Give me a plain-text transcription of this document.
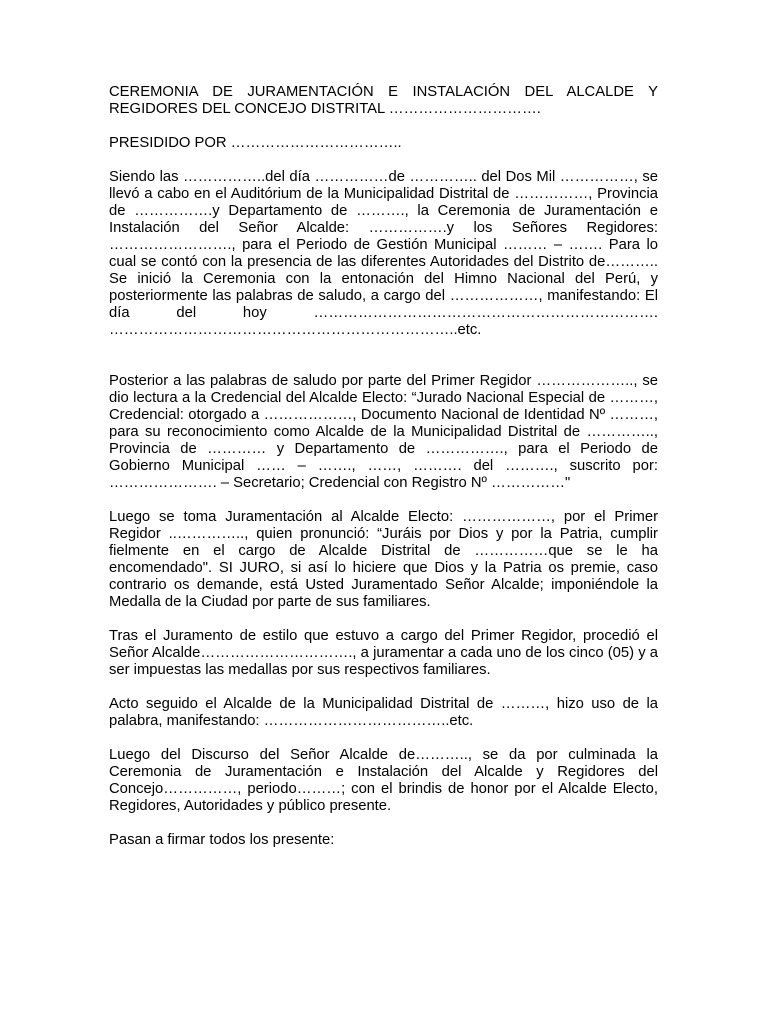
CEREMONIA DE JURAMENTACIÓN E INSTALACIÓN DEL ALCALDE Y REGIDORES DEL CONCEJO DISTRITAL ………………………….

PRESIDIDO POR ……………………………..

Siendo las ……………..del día ……………de ………….. del Dos Mil ……………, se llevó a cabo en el Auditórium de la Municipalidad Distrital de ……………, Provincia de …………….y Departamento de ………., la Ceremonia de Juramentación e Instalación del Señor Alcalde: …………….y los Señores Regidores: ……………………., para el Periodo de Gestión Municipal ……… – ……. Para lo cual se contó con la presencia de las diferentes Autoridades del Distrito de……….. Se inició la Ceremonia con la entonación del Himno Nacional del Perú, y posteriormente las palabras de saludo, a cargo del ………………, manifestando: El día del hoy ……………………………………………………………. ……………………………………………………………..etc.

Posterior a las palabras de saludo por parte del Primer Regidor ……………….., se dio lectura a la Credencial del Alcalde Electo: “Jurado Nacional Especial de ………, Credencial: otorgado a ………………, Documento Nacional de Identidad Nº ………, para su reconocimiento como Alcalde de la Municipalidad Distrital de ………….., Provincia de ………… y Departamento de ……………., para el Periodo de Gobierno Municipal …… – ……., ……, ………. del ………., suscrito por: …………………. – Secretario; Credencial con Registro Nº ……………"

Luego se toma Juramentación al Alcalde Electo: ………………, por el Primer Regidor ..………….., quien pronunció: “Juráis por Dios y por la Patria, cumplir fielmente en el cargo de Alcalde Distrital de ……………que se le ha encomendado". SI JURO, si así lo hiciere que Dios y la Patria os premie, caso contrario os demande, está Usted Juramentado Señor Alcalde; imponiéndole la Medalla de la Ciudad por parte de sus familiares.

Tras el Juramento de estilo que estuvo a cargo del Primer Regidor, procedió el Señor Alcalde…………………………., a juramentar a cada uno de los cinco (05) y a ser impuestas las medallas por sus respectivos familiares.

Acto seguido el Alcalde de la Municipalidad Distrital de ………, hizo uso de la palabra, manifestando: ………………………………..etc.

Luego del Discurso del Señor Alcalde de……….., se da por culminada la Ceremonia de Juramentación e Instalación del Alcalde y Regidores del Concejo……………, periodo………; con el brindis de honor por el Alcalde Electo, Regidores, Autoridades y público presente.

Pasan a firmar todos los presente:
